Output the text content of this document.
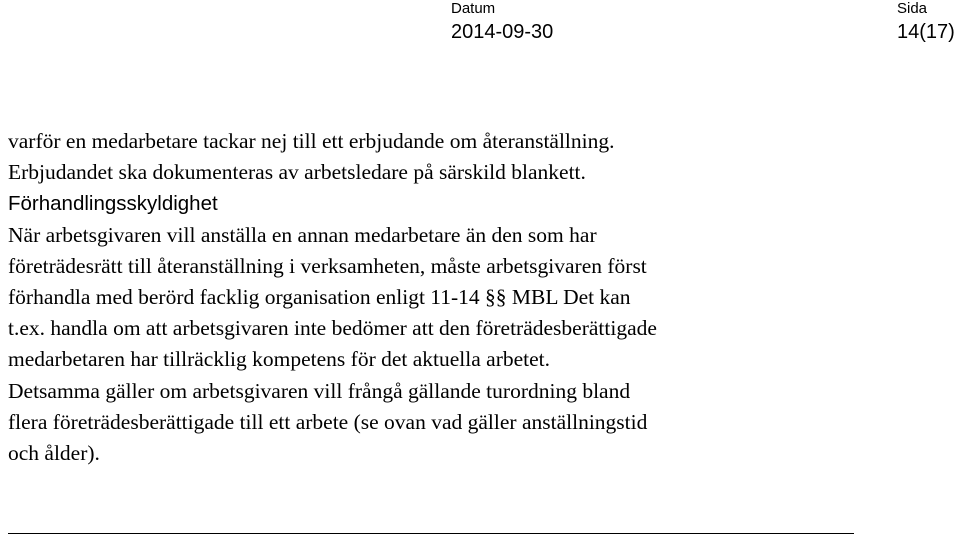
Datum
2014-09-30
Sida
14(17)
varför en medarbetare tackar nej till ett erbjudande om återanställning.
Erbjudandet ska dokumenteras av arbetsledare på särskild blankett.
Förhandlingsskyldighet
När arbetsgivaren vill anställa en annan medarbetare än den som har
företrädesrätt till återanställning i verksamheten, måste arbetsgivaren först
förhandla med berörd facklig organisation enligt 11-14 §§ MBL Det kan
t.ex. handla om att arbetsgivaren inte bedömer att den företrädesberättigade
medarbetaren har tillräcklig kompetens för det aktuella arbetet.
Detsamma gäller om arbetsgivaren vill frångå gällande turordning bland
flera företrädesberättigade till ett arbete (se ovan vad gäller anställningstid
och ålder).
